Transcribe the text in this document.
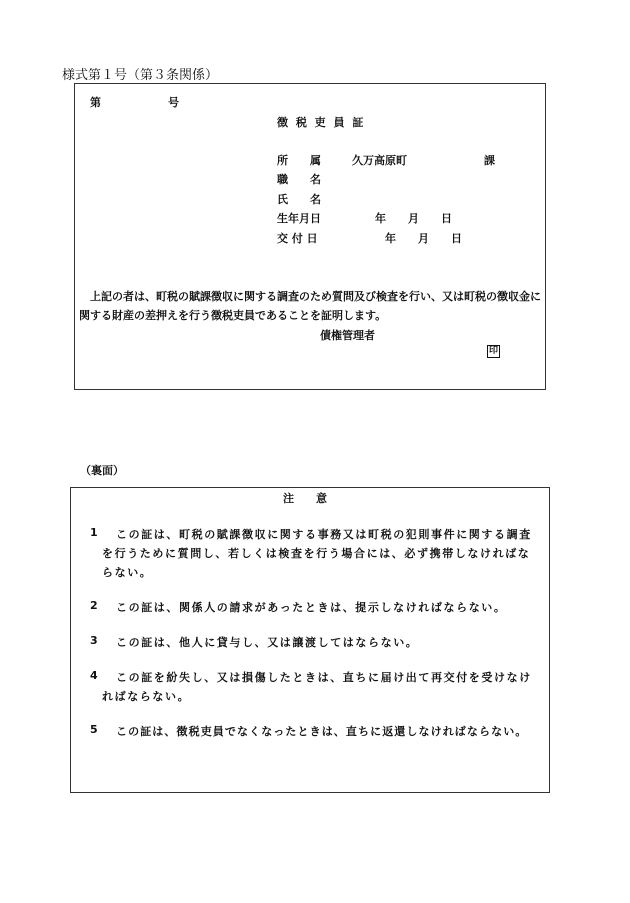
様式第１号（第３条関係）
第	号
徴 税 吏 員 証
所　　属	久万高原町	課
職　　名
氏　　名
生年月日	年　　月　　日
交 付 日	年　　月　　日
上記の者は、町税の賦課徴収に関する調査のため質問及び検査を行い、又は町税の徴収金に
関する財産の差押えを行う徴税吏員であることを証明します。
債権管理者
印
（裏面）
注　　意
1 この証は、町税の賦課徴収に関する事務又は町税の犯則事件に関する調査
を行うために質問し、若しくは検査を行う場合には、必ず携帯しなければな
らない。
2 この証は、関係人の請求があったときは、提示しなければならない。
3 この証は、他人に貸与し、又は譲渡してはならない。
4 この証を紛失し、又は損傷したときは、直ちに届け出て再交付を受けなけ
ればならない。
5 この証は、徴税吏員でなくなったときは、直ちに返還しなければならない。
